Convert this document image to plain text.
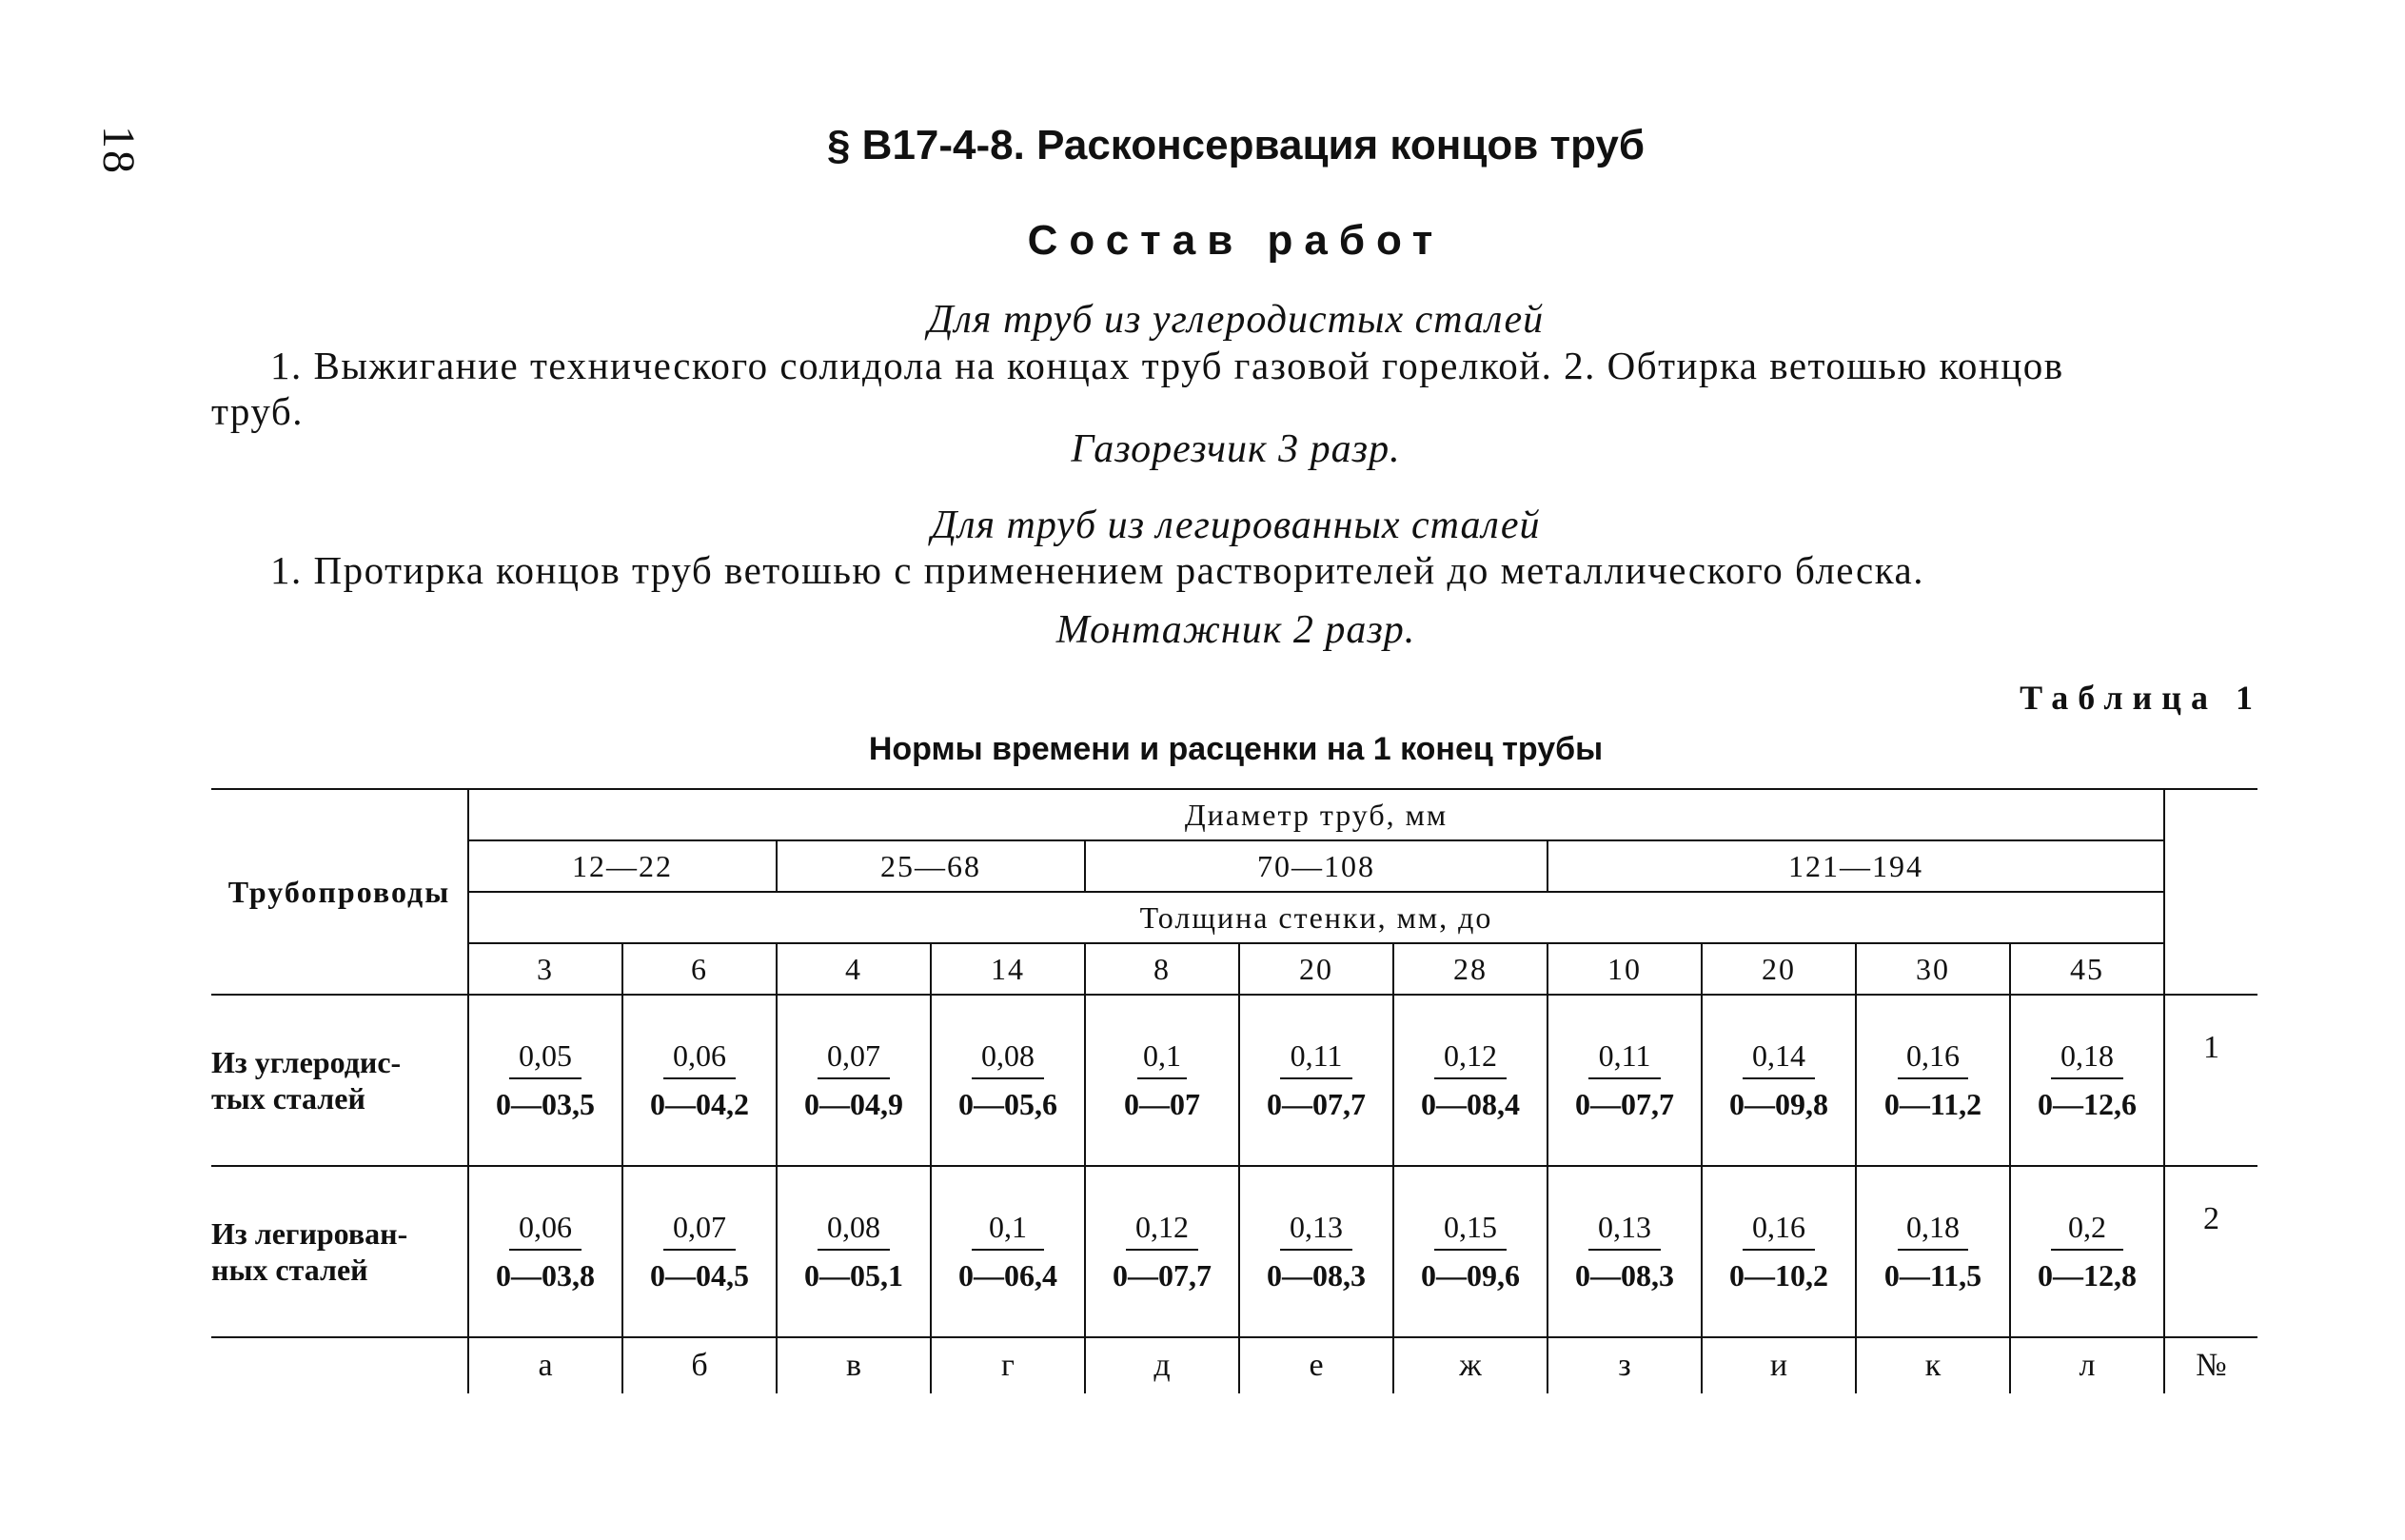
18	§ В17-4-8. Расконсервация концов труб
Состав работ
Для труб из углеродистых сталей
1. Выжигание технического солидола на концах труб газовой горелкой. 2. Обтирка ветошью концов
труб.
Газорезчик 3 разр.
Для труб из легированных сталей
1. Протирка концов труб ветошью с применением растворителей до металлического блеска.
Монтажник 2 разр.
Таблица 1
Нормы времени и расценки на 1 конец трубы
Трубопроводы	Диаметр труб, мм											
	12—22		25—68		70—108			121—194				
	Толщина стенки, мм, до											
	3	6	4	14	8	20	28	10	20	30	45	
Из углеродис-
тых сталей	$\frac{0,05}{0—03,5}$	$\frac{0,06}{0—04,2}$	$\frac{0,07}{0—04,9}$	$\frac{0,08}{0—05,6}$	$\frac{0,1}{0—07}$	$\frac{0,11}{0—07,7}$	$\frac{0,12}{0—08,4}$	$\frac{0,11}{0—07,7}$	$\frac{0,14}{0—09,8}$	$\frac{0,16}{0—11,2}$	$\frac{0,18}{0—12,6}$	1
Из легирован-
ных сталей	$\frac{0,06}{0—03,8}$	$\frac{0,07}{0—04,5}$	$\frac{0,08}{0—05,1}$	$\frac{0,1}{0—06,4}$	$\frac{0,12}{0—07,7}$	$\frac{0,13}{0—08,3}$	$\frac{0,15}{0—09,6}$	$\frac{0,13}{0—08,3}$	$\frac{0,16}{0—10,2}$	$\frac{0,18}{0—11,5}$	$\frac{0,2}{0—12,8}$	2
	а	б	в	г	д	е	ж	з	и	к	л	№
